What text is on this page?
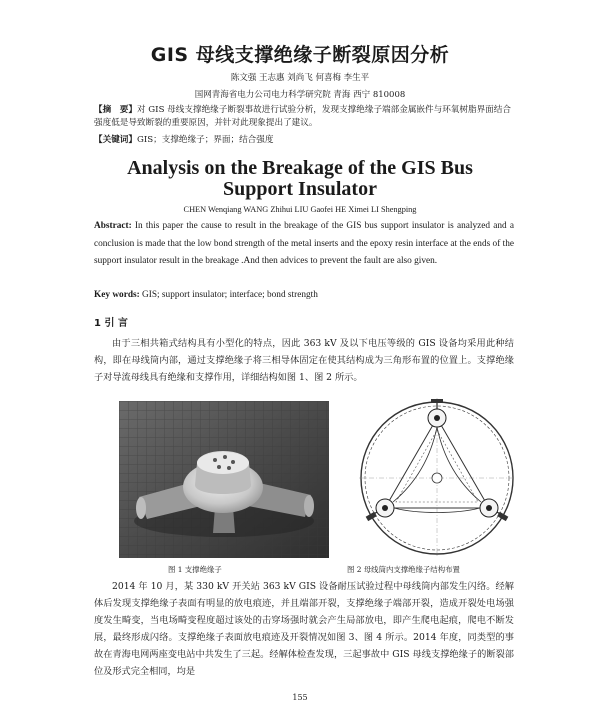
GIS 母线支撑绝缘子断裂原因分析
陈文强 王志惠 刘尚飞 何喜梅 李生平
国网青海省电力公司电力科学研究院 青海 西宁 810008
【摘　要】对 GIS 母线支撑绝缘子断裂事故进行试验分析，发现支撑绝缘子端部金属嵌件与环氧树脂界面结合强度低是导致断裂的重要原因，并针对此现象提出了建议。
【关键词】GIS；支撑绝缘子；界面；结合强度
Analysis on the Breakage of the GIS Bus Support Insulator
CHEN Wenqiang WANG Zhihui LIU Gaofei HE Ximei LI Shengping
Abstract: In this paper the cause to result in the breakage of the GIS bus support insulator is analyzed and a conclusion is made that the low bond strength of the metal inserts and the epoxy resin interface at the ends of the support insulator result in the breakage .And then advices to prevent the fault are also given.
Key words: GIS; support insulator; interface; bond strength
1 引 言
由于三相共箱式结构具有小型化的特点，因此 363 kV 及以下电压等级的 GIS 设备均采用此种结构，即在母线筒内部，通过支撑绝缘子将三相导体固定在使其结构成为三角形布置的位置上。支撑绝缘子对导流母线具有绝缘和支撑作用，详细结构如图 1、图 2 所示。
图 1 支撑绝缘子	图 2 母线筒内支撑绝缘子结构布置
2014 年 10 月，某 330 kV 开关站 363 kV GIS 设备耐压试验过程中母线筒内部发生闪络。经解体后发现支撑绝缘子表面有明显的放电痕迹，并且端部开裂，支撑绝缘子端部开裂，造成开裂处电场强度发生畸变，当电场畸变程度超过该处的击穿场强时就会产生局部放电，即产生爬电起痕，爬电不断发展，最终形成闪络。支撑绝缘子表面放电痕迹及开裂情况如图 3、图 4 所示。2014 年度，同类型的事故在青海电网两座变电站中共发生了三起。经解体检查发现，三起事故中 GIS 母线支撑绝缘子的断裂部位及形式完全相同，均是
155
